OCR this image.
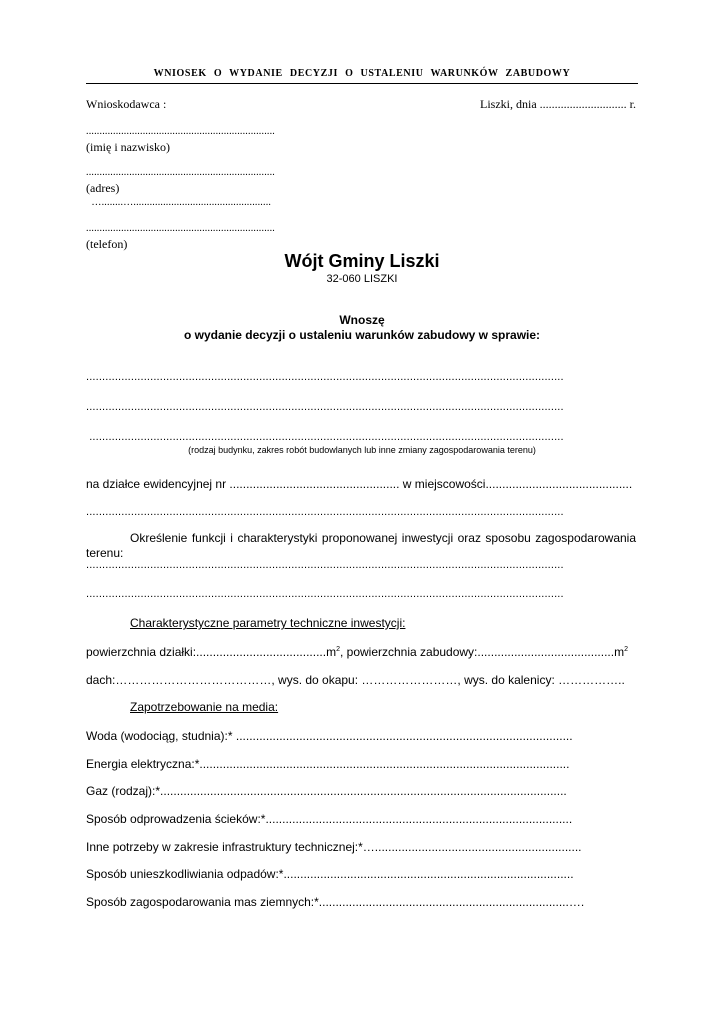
WNIOSEK O WYDANIE DECYZJI O USTALENIU WARUNKÓW ZABUDOWY
Wnioskodawca :	Liszki, dnia ............................. r.
......................................................................
(imię i nazwisko)
......................................................................
(adres)
…........…...................................................
......................................................................
(telefon)
Wójt Gminy Liszki
32-060 LISZKI
Wnoszę
o wydanie decyzji o ustaleniu warunków zabudowy w sprawie:
.....................................................................................................................................................
.....................................................................................................................................................
....................................................................................................................................................
(rodzaj budynku, zakres robót budowlanych lub inne zmiany zagospodarowania terenu)
na działce ewidencyjnej nr ................................................... w miejscowości............................................
.....................................................................................................................................................
Określenie funkcji i charakterystyki proponowanej inwestycji oraz sposobu zagospodarowania
terenu:
.....................................................................................................................................................
.....................................................................................................................................................
Charakterystyczne parametry techniczne inwestycji:
powierzchnia $działki:.......................................m^2$, powierzchnia $zabudowy:.........................................m^2$
dach:…………………………………, wys. do okapu: ……………………, wys. do kalenicy: ……………..
Zapotrzebowanie na media:
Woda (wodociąg, studnia):* .....................................................................................................
Energia elektryczna:*...............................................................................................................
Gaz (rodzaj):*..........................................................................................................................
Sposób odprowadzenia ścieków:*............................................................................................
Inne potrzeby w zakresie infrastruktury technicznej:*…..............................................................
Sposób unieszkodliwiania odpadów:*.......................................................................................
Sposób zagospodarowania mas ziemnych:*...........................................................................….
